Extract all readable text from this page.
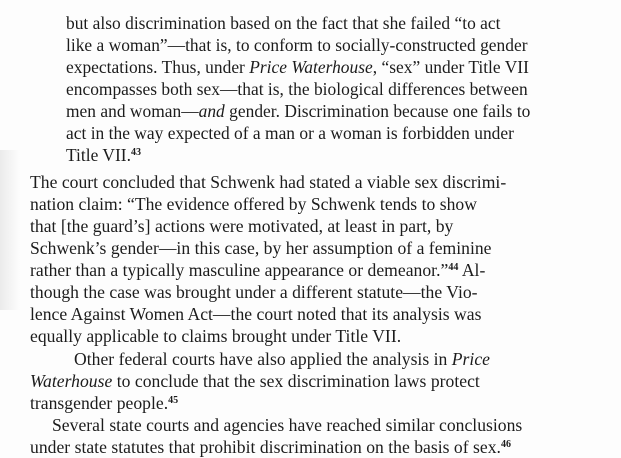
but also discrimination based on the fact that she failed “to act
like a woman”—that is, to conform to socially-constructed gender
expectations. Thus, under Price Waterhouse, “sex” under Title VII
encompasses both sex—that is, the biological differences between
men and woman—and gender. Discrimination because one fails to
act in the way expected of a man or a woman is forbidden under
Title VII.$^{43}$
The court concluded that Schwenk had stated a viable sex discrimi-
nation claim: “The evidence offered by Schwenk tends to show
that [the guard’s] actions were motivated, at least in part, by
Schwenk’s gender—in this case, by her assumption of a feminine
rather than a typically masculine appearance or demeanor.”$^{44}$ Al-
though the case was brought under a different statute—the Vio-
lence Against Women Act—the court noted that its analysis was
equally applicable to claims brought under Title VII.
Other federal courts have also applied the analysis in Price
Waterhouse to conclude that the sex discrimination laws protect
transgender people.$^{45}$
Several state courts and agencies have reached similar conclusions
under state statutes that prohibit discrimination on the basis of sex.$^{46}$
